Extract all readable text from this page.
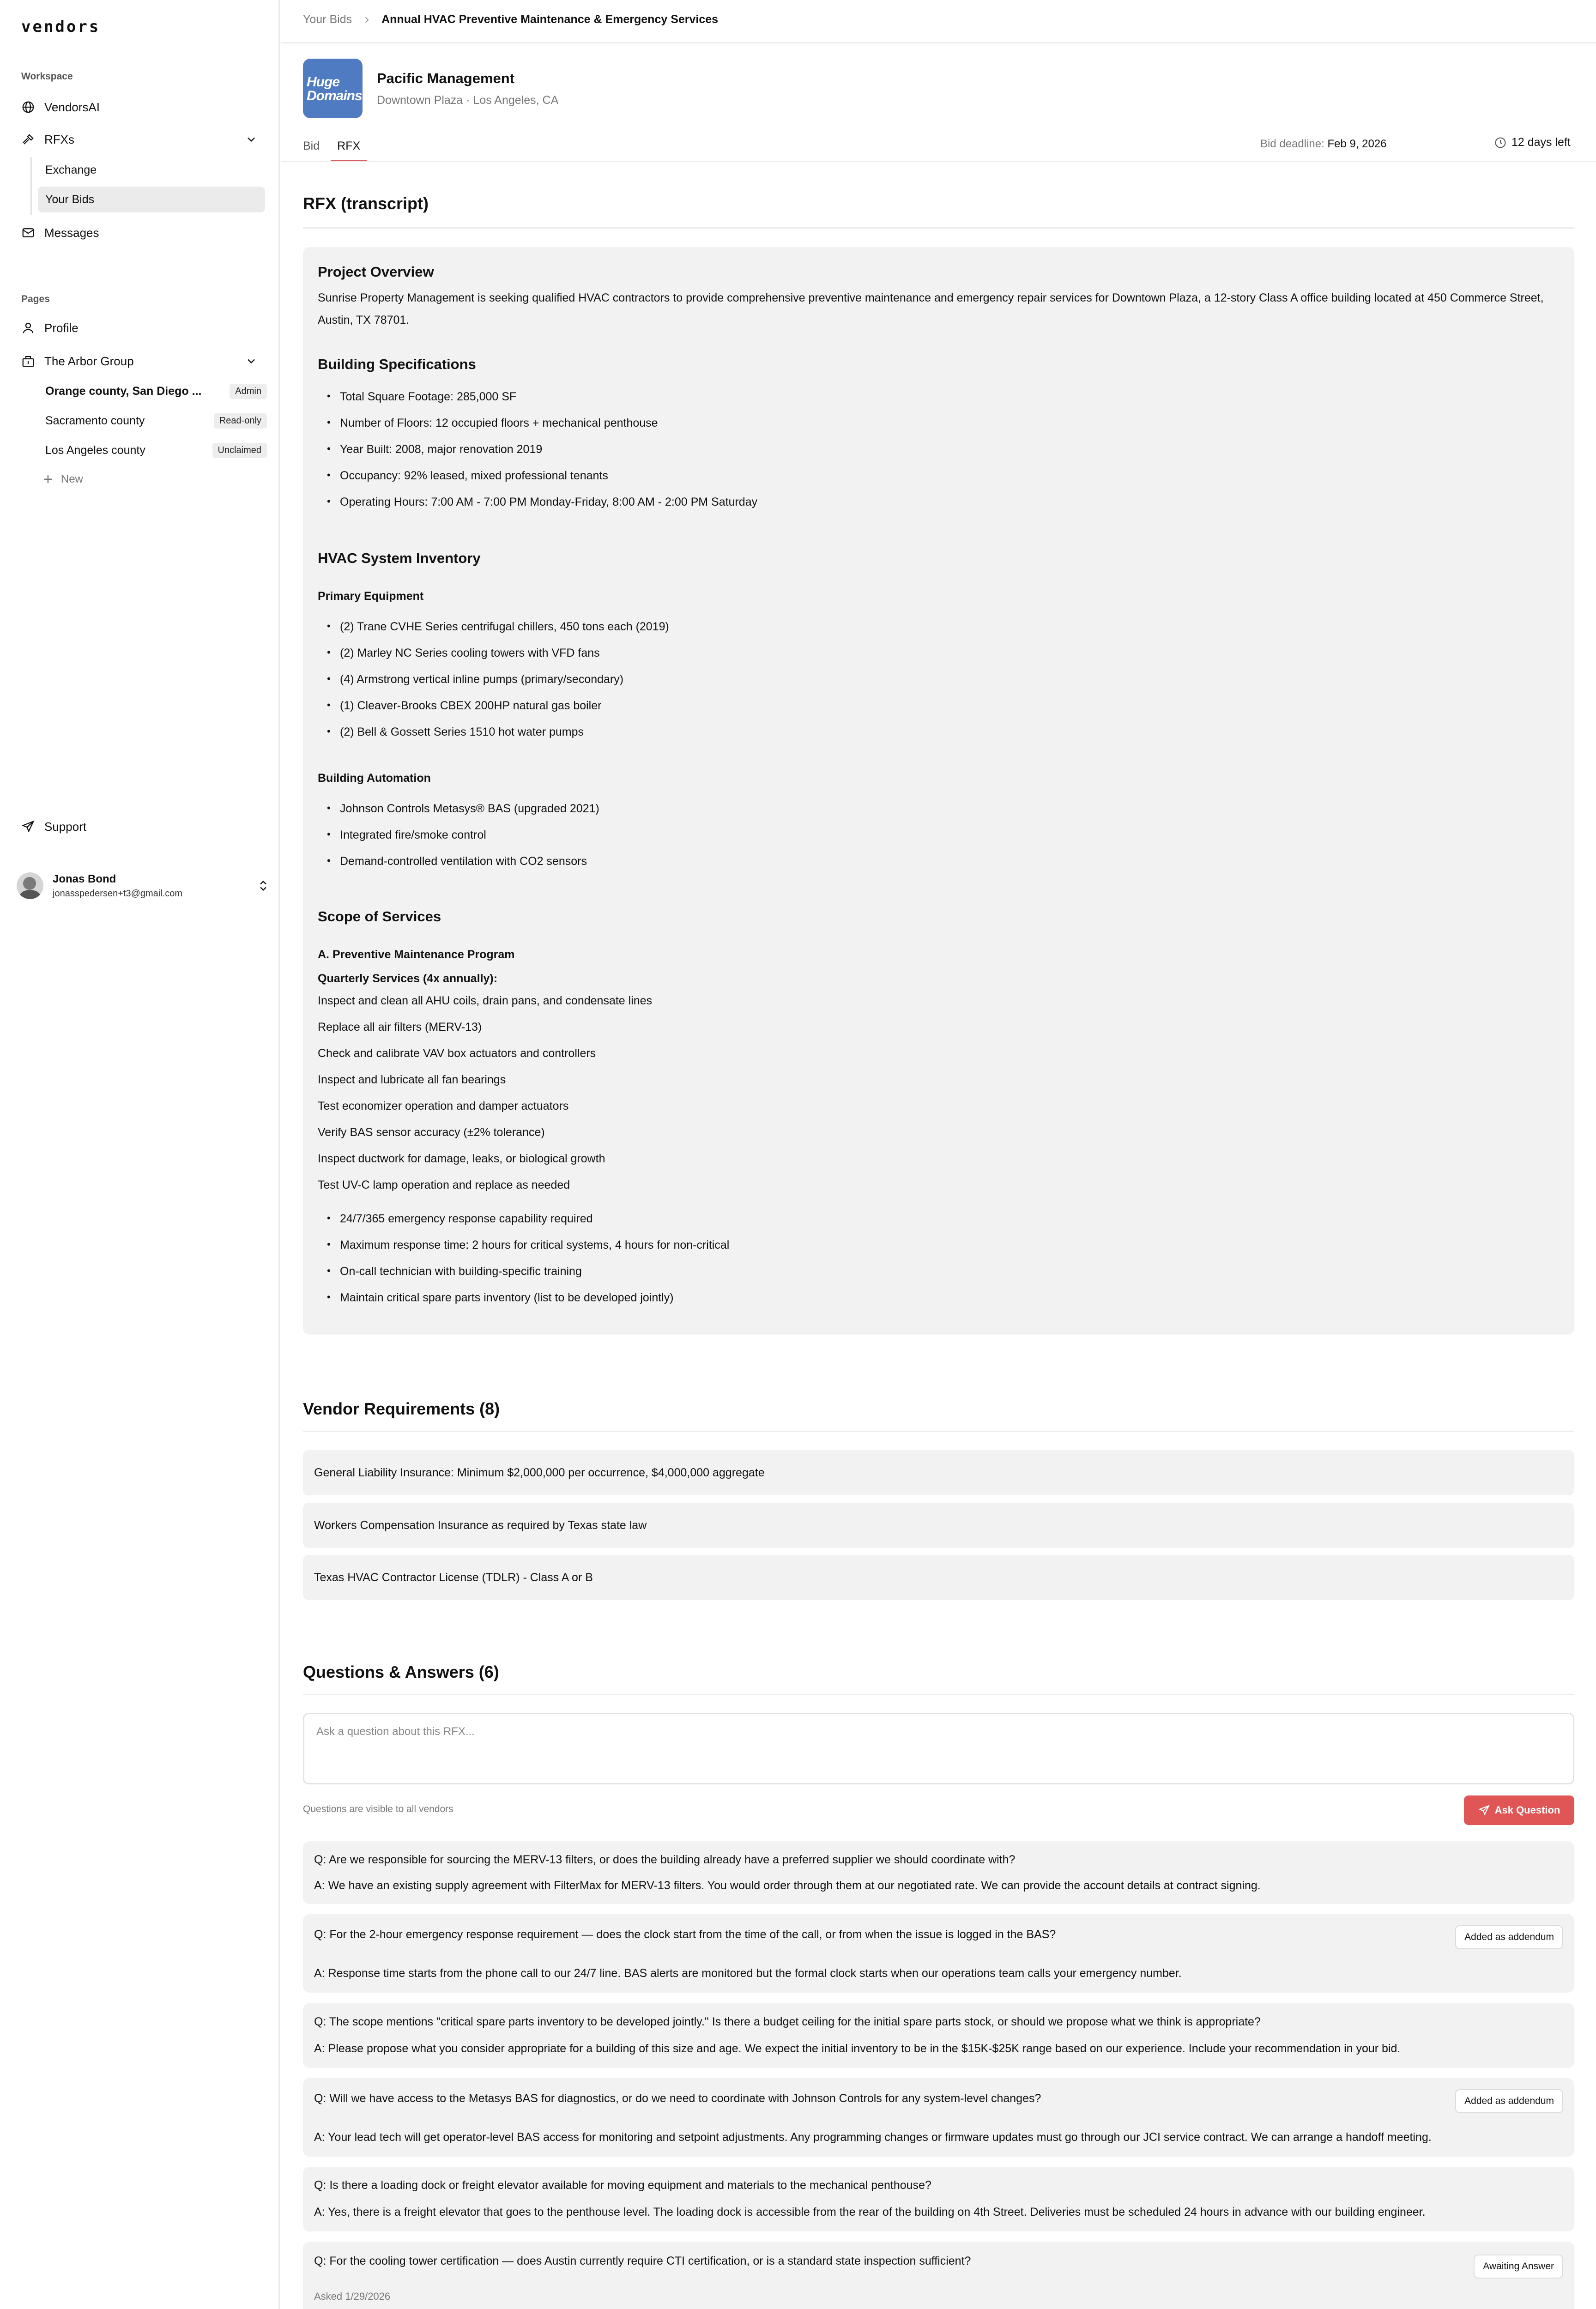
vendors
Workspace
VendorsAI
RFXs
Exchange
Your Bids
Messages
Pages
Profile
The Arbor Group
Orange county, San Diego ...	Admin
Sacramento county	Read-only
Los Angeles county	Unclaimed
+ New
Support
Jonas Bond
jonasspedersen+t3@gmail.com
Your Bids	Annual HVAC Preventive Maintenance & Emergency Services
Huge
Domains
Pacific Management
Downtown Plaza · Los Angeles, CA
Bid	RFX	Bid deadline: Feb 9, 2026	12 days left
RFX (transcript)
Project Overview
Sunrise Property Management is seeking qualified HVAC contractors to provide comprehensive preventive maintenance and emergency repair services for Downtown Plaza, a 12-story Class A office building located at 450 Commerce Street, Austin, TX 78701.
Building Specifications
• Total Square Footage: 285,000 SF
• Number of Floors: 12 occupied floors + mechanical penthouse
• Year Built: 2008, major renovation 2019
• Occupancy: 92% leased, mixed professional tenants
• Operating Hours: 7:00 AM - 7:00 PM Monday-Friday, 8:00 AM - 2:00 PM Saturday
HVAC System Inventory
Primary Equipment
• (2) Trane CVHE Series centrifugal chillers, 450 tons each (2019)
• (2) Marley NC Series cooling towers with VFD fans
• (4) Armstrong vertical inline pumps (primary/secondary)
• (1) Cleaver-Brooks CBEX 200HP natural gas boiler
• (2) Bell & Gossett Series 1510 hot water pumps
Building Automation
• Johnson Controls Metasys® BAS (upgraded 2021)
• Integrated fire/smoke control
• Demand-controlled ventilation with CO2 sensors
Scope of Services
A. Preventive Maintenance Program
Quarterly Services (4x annually):
Inspect and clean all AHU coils, drain pans, and condensate lines
Replace all air filters (MERV-13)
Check and calibrate VAV box actuators and controllers
Inspect and lubricate all fan bearings
Test economizer operation and damper actuators
Verify BAS sensor accuracy (±2% tolerance)
Inspect ductwork for damage, leaks, or biological growth
Test UV-C lamp operation and replace as needed
• 24/7/365 emergency response capability required
• Maximum response time: 2 hours for critical systems, 4 hours for non-critical
• On-call technician with building-specific training
• Maintain critical spare parts inventory (list to be developed jointly)
Vendor Requirements (8)
General Liability Insurance: Minimum $2,000,000 per occurrence, $4,000,000 aggregate
Workers Compensation Insurance as required by Texas state law
Texas HVAC Contractor License (TDLR) - Class A or B
Questions & Answers (6)
Ask a question about this RFX...
Questions are visible to all vendors	Ask Question
Q: Are we responsible for sourcing the MERV-13 filters, or does the building already have a preferred supplier we should coordinate with?
A: We have an existing supply agreement with FilterMax for MERV-13 filters. You would order through them at our negotiated rate. We can provide the account details at contract signing.
Q: For the 2-hour emergency response requirement — does the clock start from the time of the call, or from when the issue is logged in the BAS?	Added as addendum
A: Response time starts from the phone call to our 24/7 line. BAS alerts are monitored but the formal clock starts when our operations team calls your emergency number.
Q: The scope mentions "critical spare parts inventory to be developed jointly." Is there a budget ceiling for the initial spare parts stock, or should we propose what we think is appropriate?
A: Please propose what you consider appropriate for a building of this size and age. We expect the initial inventory to be in the $15K-$25K range based on our experience. Include your recommendation in your bid.
Q: Will we have access to the Metasys BAS for diagnostics, or do we need to coordinate with Johnson Controls for any system-level changes?	Added as addendum
A: Your lead tech will get operator-level BAS access for monitoring and setpoint adjustments. Any programming changes or firmware updates must go through our JCI service contract. We can arrange a handoff meeting.
Q: Is there a loading dock or freight elevator available for moving equipment and materials to the mechanical penthouse?
A: Yes, there is a freight elevator that goes to the penthouse level. The loading dock is accessible from the rear of the building on 4th Street. Deliveries must be scheduled 24 hours in advance with our building engineer.
Q: For the cooling tower certification — does Austin currently require CTI certification, or is a standard state inspection sufficient?	Awaiting Answer
Asked 1/29/2026
